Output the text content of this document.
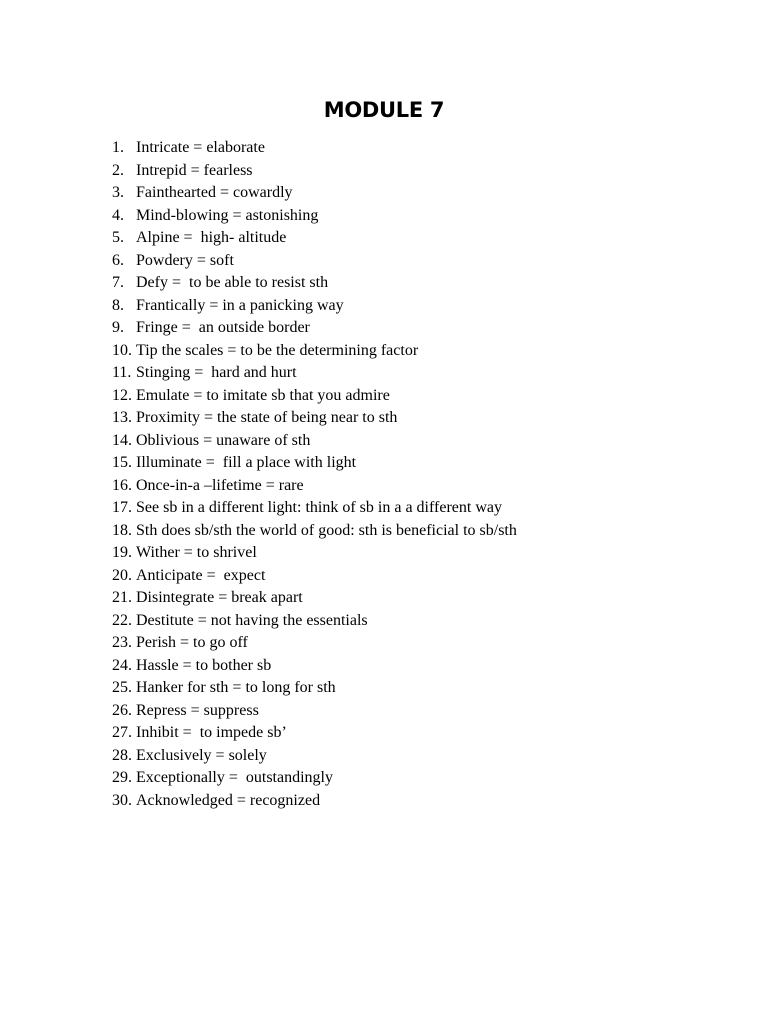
MODULE 7
1. Intricate = elaborate
2. Intrepid = fearless
3. Fainthearted = cowardly
4. Mind-blowing = astonishing
5. Alpine =  high- altitude
6. Powdery = soft
7. Defy =  to be able to resist sth
8. Frantically = in a panicking way
9. Fringe =  an outside border
10. Tip the scales = to be the determining factor
11. Stinging =  hard and hurt
12. Emulate = to imitate sb that you admire
13. Proximity = the state of being near to sth
14. Oblivious = unaware of sth
15. Illuminate =  fill a place with light
16. Once-in-a –lifetime = rare
17. See sb in a different light: think of sb in a a different way
18. Sth does sb/sth the world of good: sth is beneficial to sb/sth
19. Wither = to shrivel
20. Anticipate =  expect
21. Disintegrate = break apart
22. Destitute = not having the essentials
23. Perish = to go off
24. Hassle = to bother sb
25. Hanker for sth = to long for sth
26. Repress = suppress
27. Inhibit =  to impede sb’
28. Exclusively = solely
29. Exceptionally =  outstandingly
30. Acknowledged = recognized
